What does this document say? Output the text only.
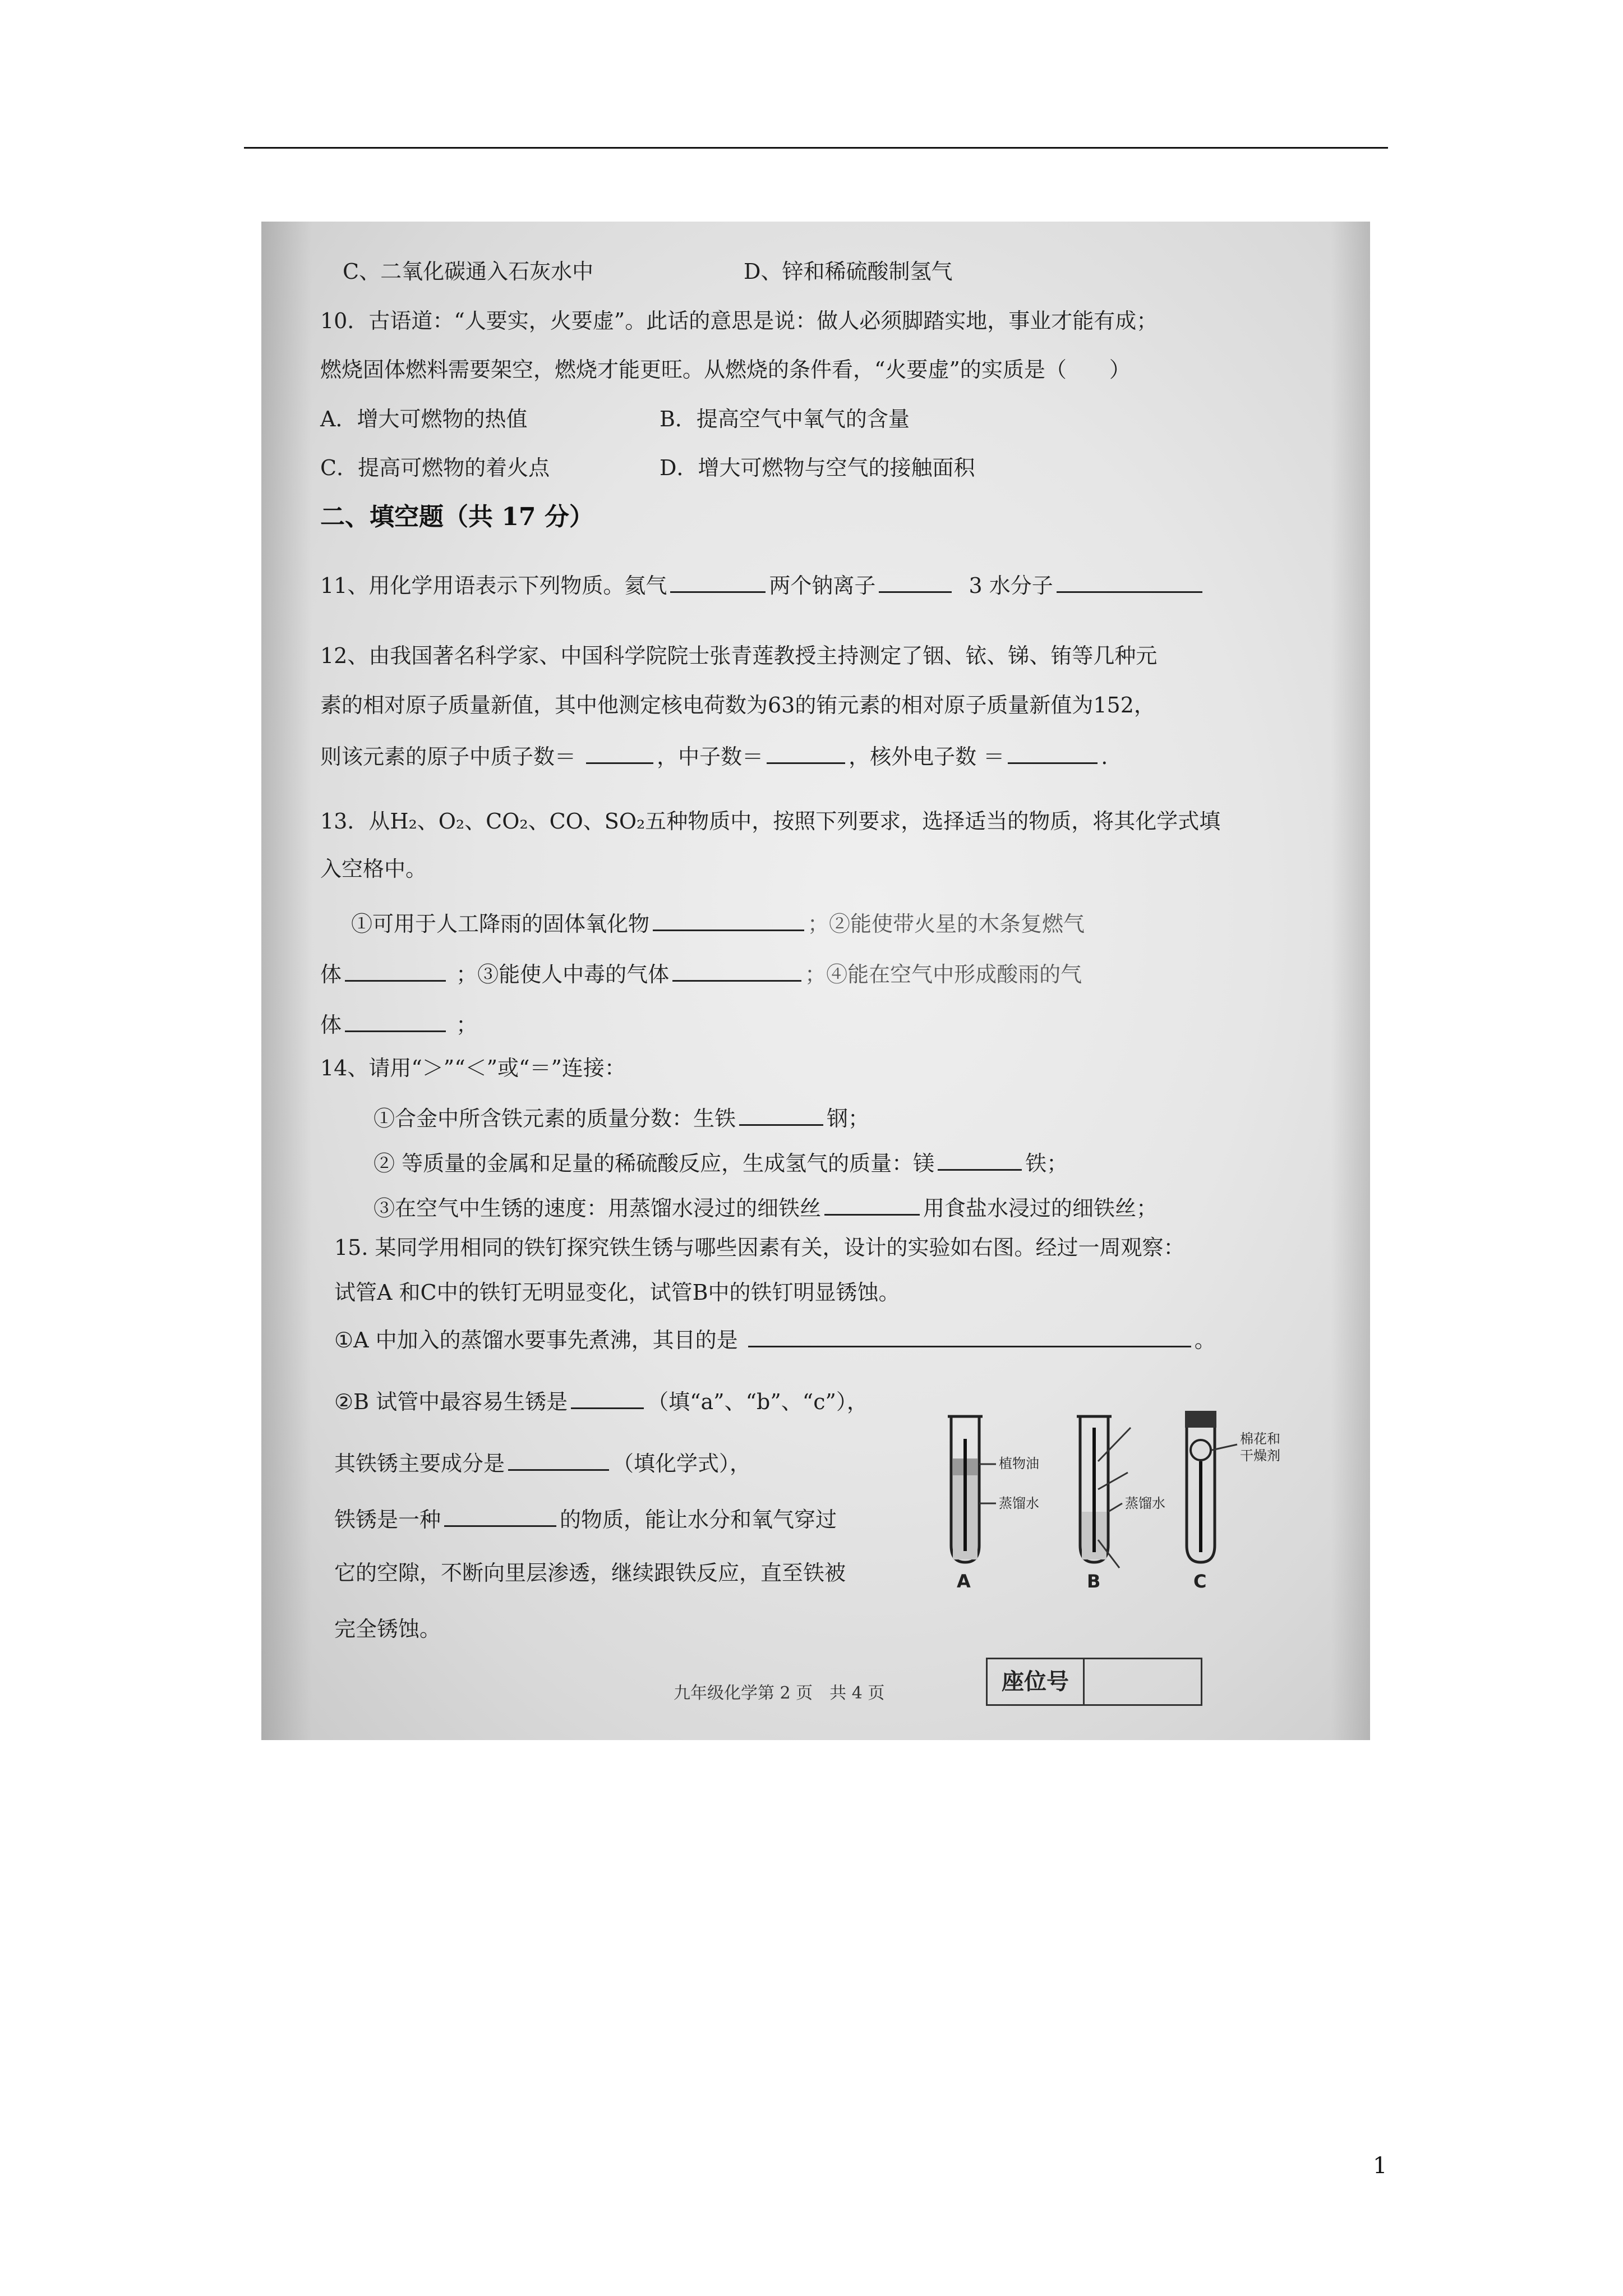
C、二氧化碳通入石灰水中	D、锌和稀硫酸制氢气
10．古语道：“人要实，火要虚”。此话的意思是说：做人必须脚踏实地，事业才能有成；
燃烧固体燃料需要架空，燃烧才能更旺。从燃烧的条件看，“火要虚”的实质是（　　）
A．增大可燃物的热值	B．提高空气中氧气的含量
C．提高可燃物的着火点	D．增大可燃物与空气的接触面积
二、填空题（共 17 分）
11、用化学用语表示下列物质。氦气	两个钠离子	3 水分子
12、由我国著名科学家、中国科学院院士张青莲教授主持测定了铟、铱、锑、铕等几种元
素的相对原子质量新值，其中他测定核电荷数为63的铕元素的相对原子质量新值为152，
则该元素的原子中质子数＝	，中子数＝	，核外电子数 ＝	.
13．从H₂、O₂、CO₂、CO、SO₂五种物质中，按照下列要求，选择适当的物质，将其化学式填
入空格中。
①可用于人工降雨的固体氧化物	；②能使带火星的木条复燃气
体	；③能使人中毒的气体	；④能在空气中形成酸雨的气
体	；
14、请用“＞”“＜”或“＝”连接：
①合金中所含铁元素的质量分数：生铁	钢；
② 等质量的金属和足量的稀硫酸反应，生成氢气的质量：镁	铁；
③在空气中生锈的速度：用蒸馏水浸过的细铁丝	用食盐水浸过的细铁丝；
15. 某同学用相同的铁钉探究铁生锈与哪些因素有关，设计的实验如右图。经过一周观察：
试管A 和C中的铁钉无明显变化，试管B中的铁钉明显锈蚀。
①A 中加入的蒸馏水要事先煮沸，其目的是	。
②B 试管中最容易生锈是	（填“a”、“b”、“c”），
其铁锈主要成分是	（填化学式），
铁锈是一种	的物质，能让水分和氧气穿过
它的空隙，不断向里层渗透，继续跟铁反应，直至铁被
完全锈蚀。
植物油
蒸馏水	蒸馏水
棉花和
干燥剂
A	B	C
九年级化学第 2 页　共 4 页	座位号
1
